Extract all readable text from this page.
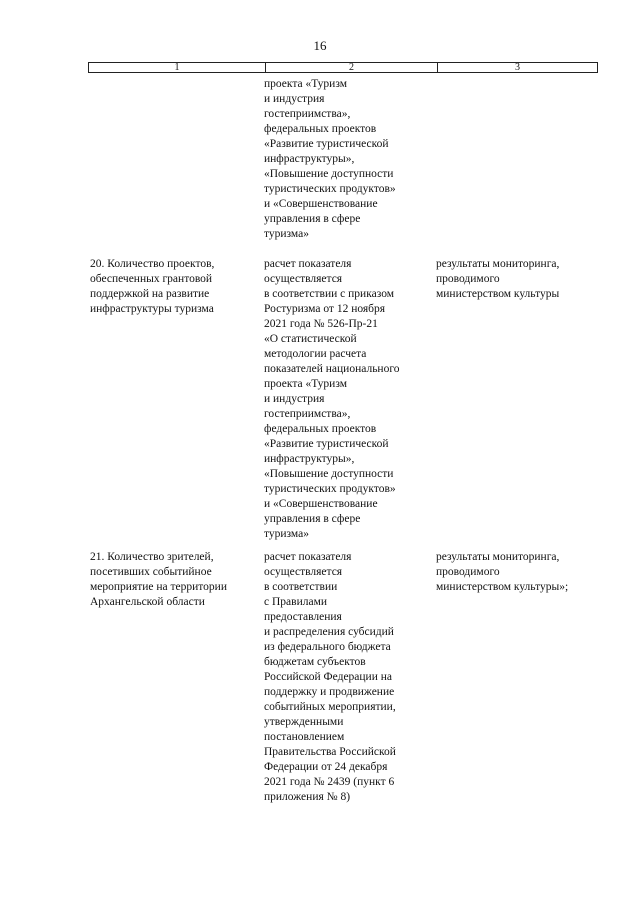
16
1	2	3
проекта «Туризм
и индустрия
гостеприимства»,
федеральных проектов
«Развитие туристической
инфраструктуры»,
«Повышение доступности
туристических продуктов»
и «Совершенствование
управления в сфере
туризма»
20. Количество проектов,
обеспеченных грантовой
поддержкой на развитие
инфраструктуры туризма
расчет показателя
осуществляется
в соответствии с приказом
Ростуризма от 12 ноября
2021 года № 526-Пр-21
«О статистической
методологии расчета
показателей национального
проекта «Туризм
и индустрия
гостеприимства»,
федеральных проектов
«Развитие туристической
инфраструктуры»,
«Повышение доступности
туристических продуктов»
и «Совершенствование
управления в сфере
туризма»
результаты мониторинга,
проводимого
министерством культуры
21. Количество зрителей,
посетивших событийное
мероприятие на территории
Архангельской области
расчет показателя
осуществляется
в соответствии
с Правилами
предоставления
и распределения субсидий
из федерального бюджета
бюджетам субъектов
Российской Федерации на
поддержку и продвижение
событийных мероприятии,
утвержденными
постановлением
Правительства Российской
Федерации от 24 декабря
2021 года № 2439 (пункт 6
приложения № 8)
результаты мониторинга,
проводимого
министерством культуры»;
